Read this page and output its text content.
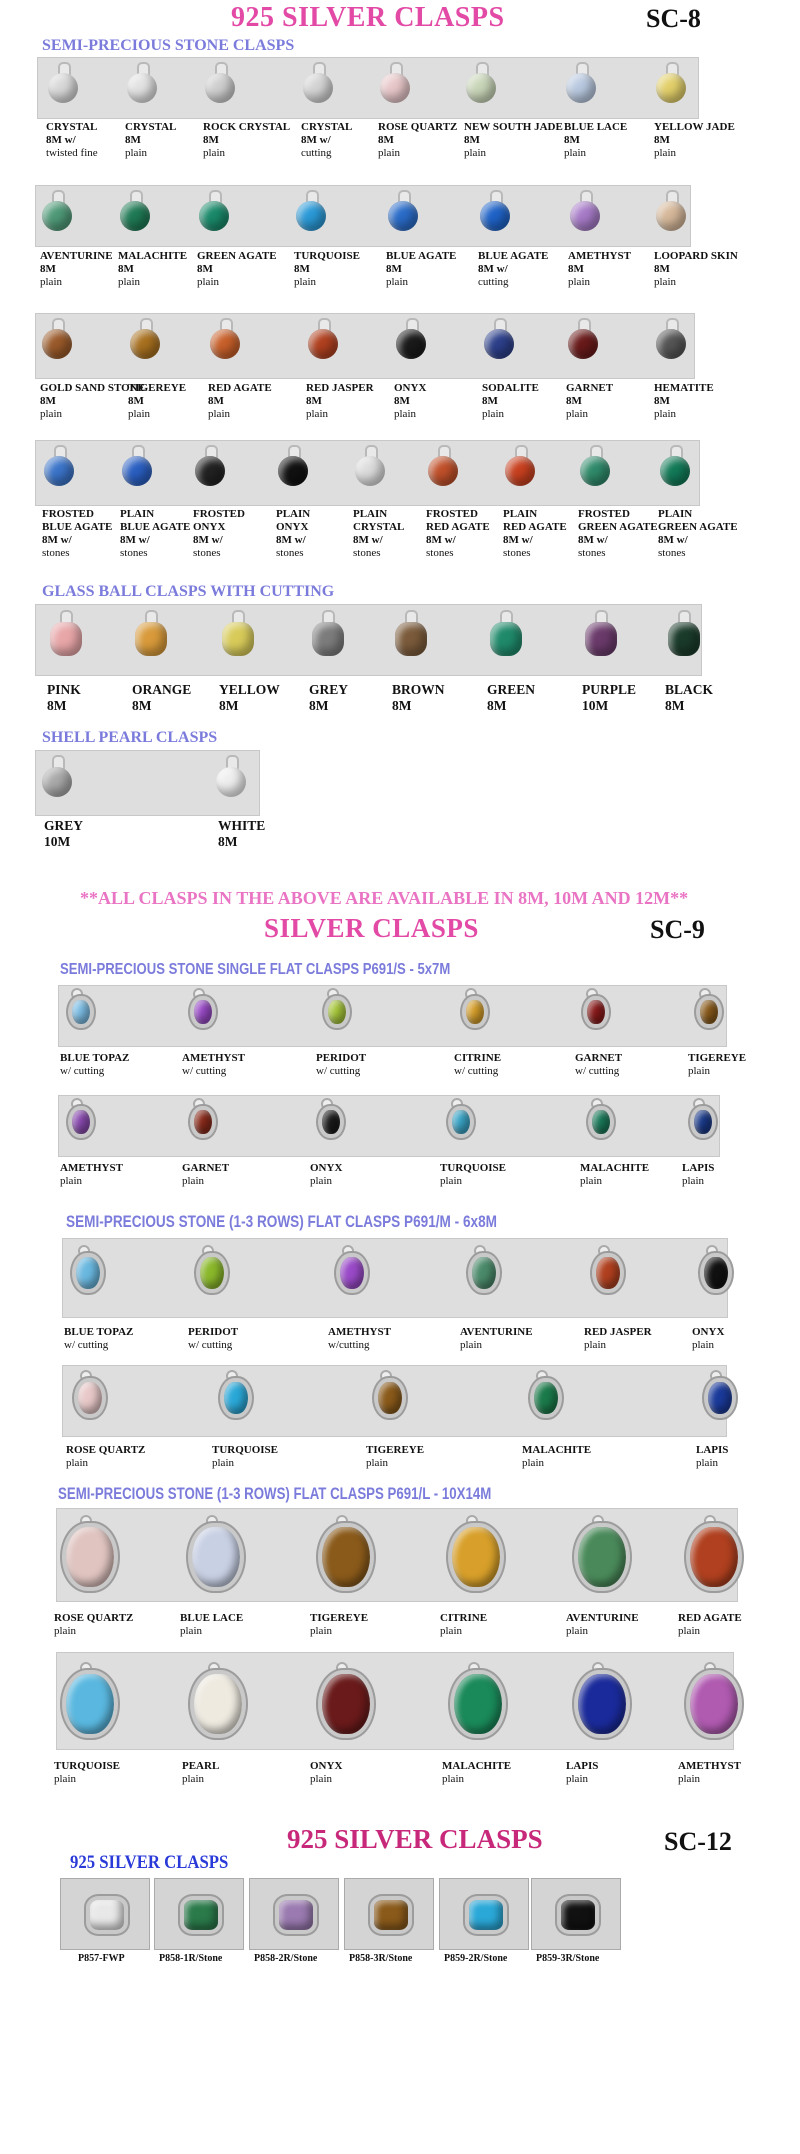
925 SILVER CLASPS	SC-8
SEMI-PRECIOUS STONE CLASPS
CRYSTAL
8M w/
twisted fine
CRYSTAL
8M
plain
ROCK CRYSTAL
8M
plain
CRYSTAL
8M w/
cutting
ROSE QUARTZ
8M
plain
NEW SOUTH JADE
8M
plain
BLUE LACE
8M
plain
YELLOW JADE
8M
plain
AVENTURINE
8M
plain
MALACHITE
8M
plain
GREEN AGATE
8M
plain
TURQUOISE
8M
plain
BLUE AGATE
8M
plain
BLUE AGATE
8M w/
cutting
AMETHYST
8M
plain
LOOPARD SKIN
8M
plain
GOLD SAND STONE
8M
plain
TIGEREYE
8M
plain
RED AGATE
8M
plain
RED JASPER
8M
plain
ONYX
8M
plain
SODALITE
8M
plain
GARNET
8M
plain
HEMATITE
8M
plain
FROSTED
BLUE AGATE
8M w/
stones
PLAIN
BLUE AGATE
8M w/
stones
FROSTED
ONYX
8M w/
stones
PLAIN
ONYX
8M w/
stones
PLAIN
CRYSTAL
8M w/
stones
FROSTED
RED AGATE
8M w/
stones
PLAIN
RED AGATE
8M w/
stones
FROSTED
GREEN AGATE
8M w/
stones
PLAIN
GREEN AGATE
8M w/
stones
GLASS BALL CLASPS WITH CUTTING
PINK
8M
ORANGE
8M
YELLOW
8M
GREY
8M
BROWN
8M
GREEN
8M
PURPLE
10M
BLACK
8M
SHELL PEARL CLASPS
GREY
10M
WHITE
8M
**ALL CLASPS IN THE ABOVE ARE AVAILABLE IN 8M, 10M AND 12M**
SILVER CLASPS	SC-9
SEMI-PRECIOUS STONE SINGLE FLAT CLASPS P691/S - 5x7M
BLUE TOPAZ
w/ cutting
AMETHYST
w/ cutting
PERIDOT
w/ cutting
CITRINE
w/ cutting
GARNET
w/ cutting
TIGEREYE
plain
AMETHYST
plain
GARNET
plain
ONYX
plain
TURQUOISE
plain
MALACHITE
plain
LAPIS
plain
SEMI-PRECIOUS STONE (1-3 ROWS) FLAT CLASPS P691/M - 6x8M
BLUE TOPAZ
w/ cutting
PERIDOT
w/ cutting
AMETHYST
w/cutting
AVENTURINE
plain
RED JASPER
plain
ONYX
plain
ROSE QUARTZ
plain
TURQUOISE
plain
TIGEREYE
plain
MALACHITE
plain
LAPIS
plain
SEMI-PRECIOUS STONE (1-3 ROWS) FLAT CLASPS P691/L - 10X14M
ROSE QUARTZ
plain
BLUE LACE
plain
TIGEREYE
plain
CITRINE
plain
AVENTURINE
plain
RED AGATE
plain
TURQUOISE
plain
PEARL
plain
ONYX
plain
MALACHITE
plain
LAPIS
plain
AMETHYST
plain
925 SILVER CLASPS	SC-12
925 SILVER CLASPS
P857-FWP	P858-1R/Stone	P858-2R/Stone	P858-3R/Stone	P859-2R/Stone	P859-3R/Stone
